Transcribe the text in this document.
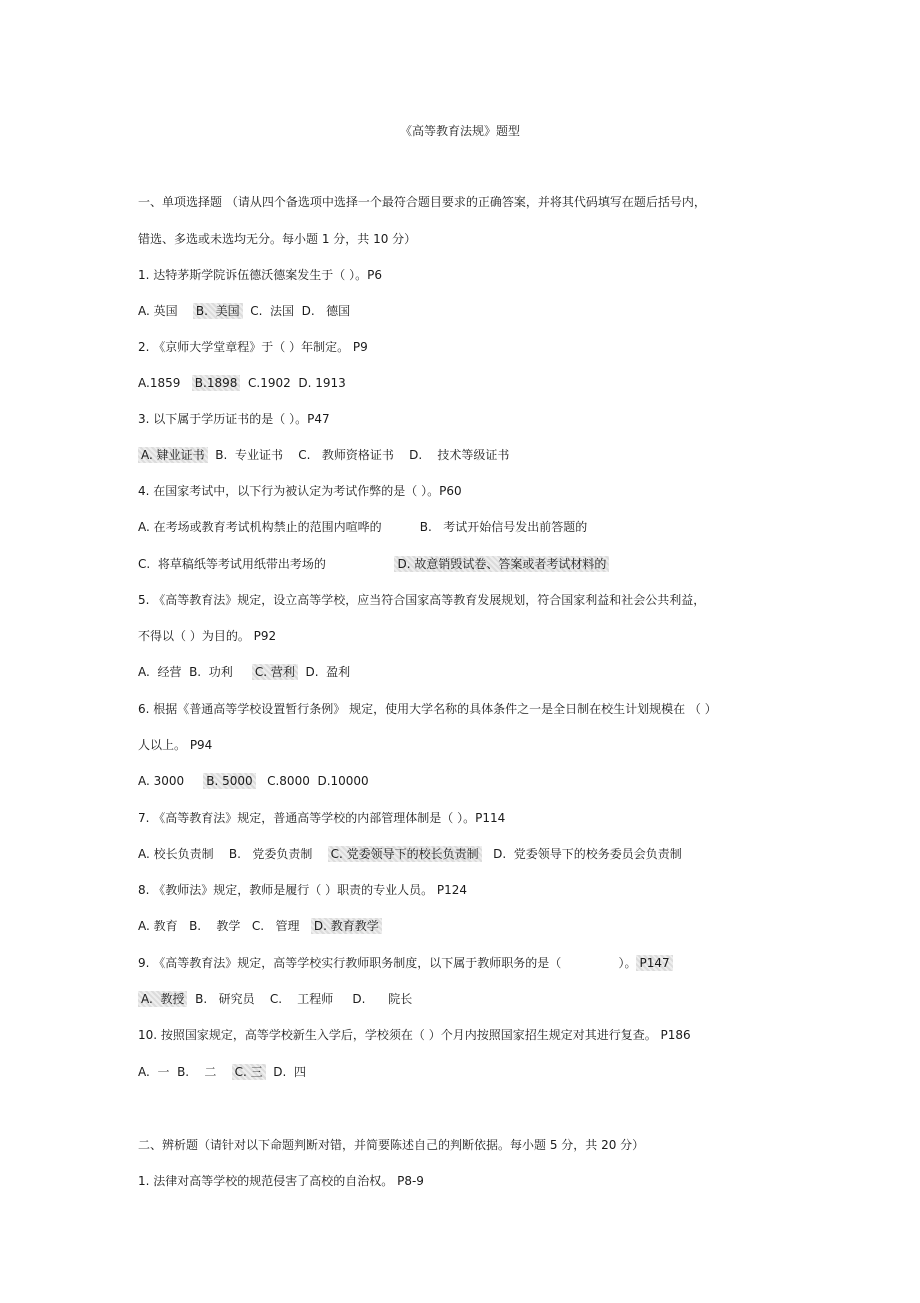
《高等教育法规》题型
一、单项选择题 （请从四个备选项中选择一个最符合题目要求的正确答案，并将其代码填写在题后括号内，
错选、多选或未选均无分。每小题 1 分，共 10 分）
1. 达特茅斯学院诉伍德沃德案发生于（ ）。P6
A. 英国    B.  美国  C.  法国  D.   德国
2. 《京师大学堂章程》于（ ）年制定。 P9
A.1859   B.1898  C.1902  D. 1913
3. 以下属于学历证书的是（ ）。P47
A. 肄业证书  B.  专业证书    C.   教师资格证书    D.    技术等级证书
4. 在国家考试中，以下行为被认定为考试作弊的是（ ）。P60
A. 在考场或教育考试机构禁止的范围内喧哗的          B.   考试开始信号发出前答题的
C.  将草稿纸等考试用纸带出考场的                  D. 故意销毁试卷、答案或者考试材料的
5. 《高等教育法》规定，设立高等学校，应当符合国家高等教育发展规划，符合国家利益和社会公共利益，
不得以（ ）为目的。 P92
A.  经营  B.  功利     C. 营利  D.  盈利
6. 根据《普通高等学校设置暂行条例》 规定，使用大学名称的具体条件之一是全日制在校生计划规模在 （ ）
人以上。 P94
A. 3000     B. 5000   C.8000  D.10000
7. 《高等教育法》规定，普通高等学校的内部管理体制是（ ）。P114
A. 校长负责制    B.   党委负责制    C. 党委领导下的校长负责制   D.  党委领导下的校务委员会负责制
8. 《教师法》规定，教师是履行（ ）职责的专业人员。 P124
A. 教育   B.    教学   C.   管理   D. 教育教学
9. 《高等教育法》规定，高等学校实行教师职务制度，以下属于教师职务的是（               ）。 P147
A.  教授  B.   研究员    C.    工程师     D.      院长
10. 按照国家规定，高等学校新生入学后，学校须在（ ）个月内按照国家招生规定对其进行复查。 P186
A.  一  B.    二    C. 三  D.  四
二、辨析题（请针对以下命题判断对错，并简要陈述自己的判断依据。每小题 5 分，共 20 分）
1. 法律对高等学校的规范侵害了高校的自治权。 P8-9
